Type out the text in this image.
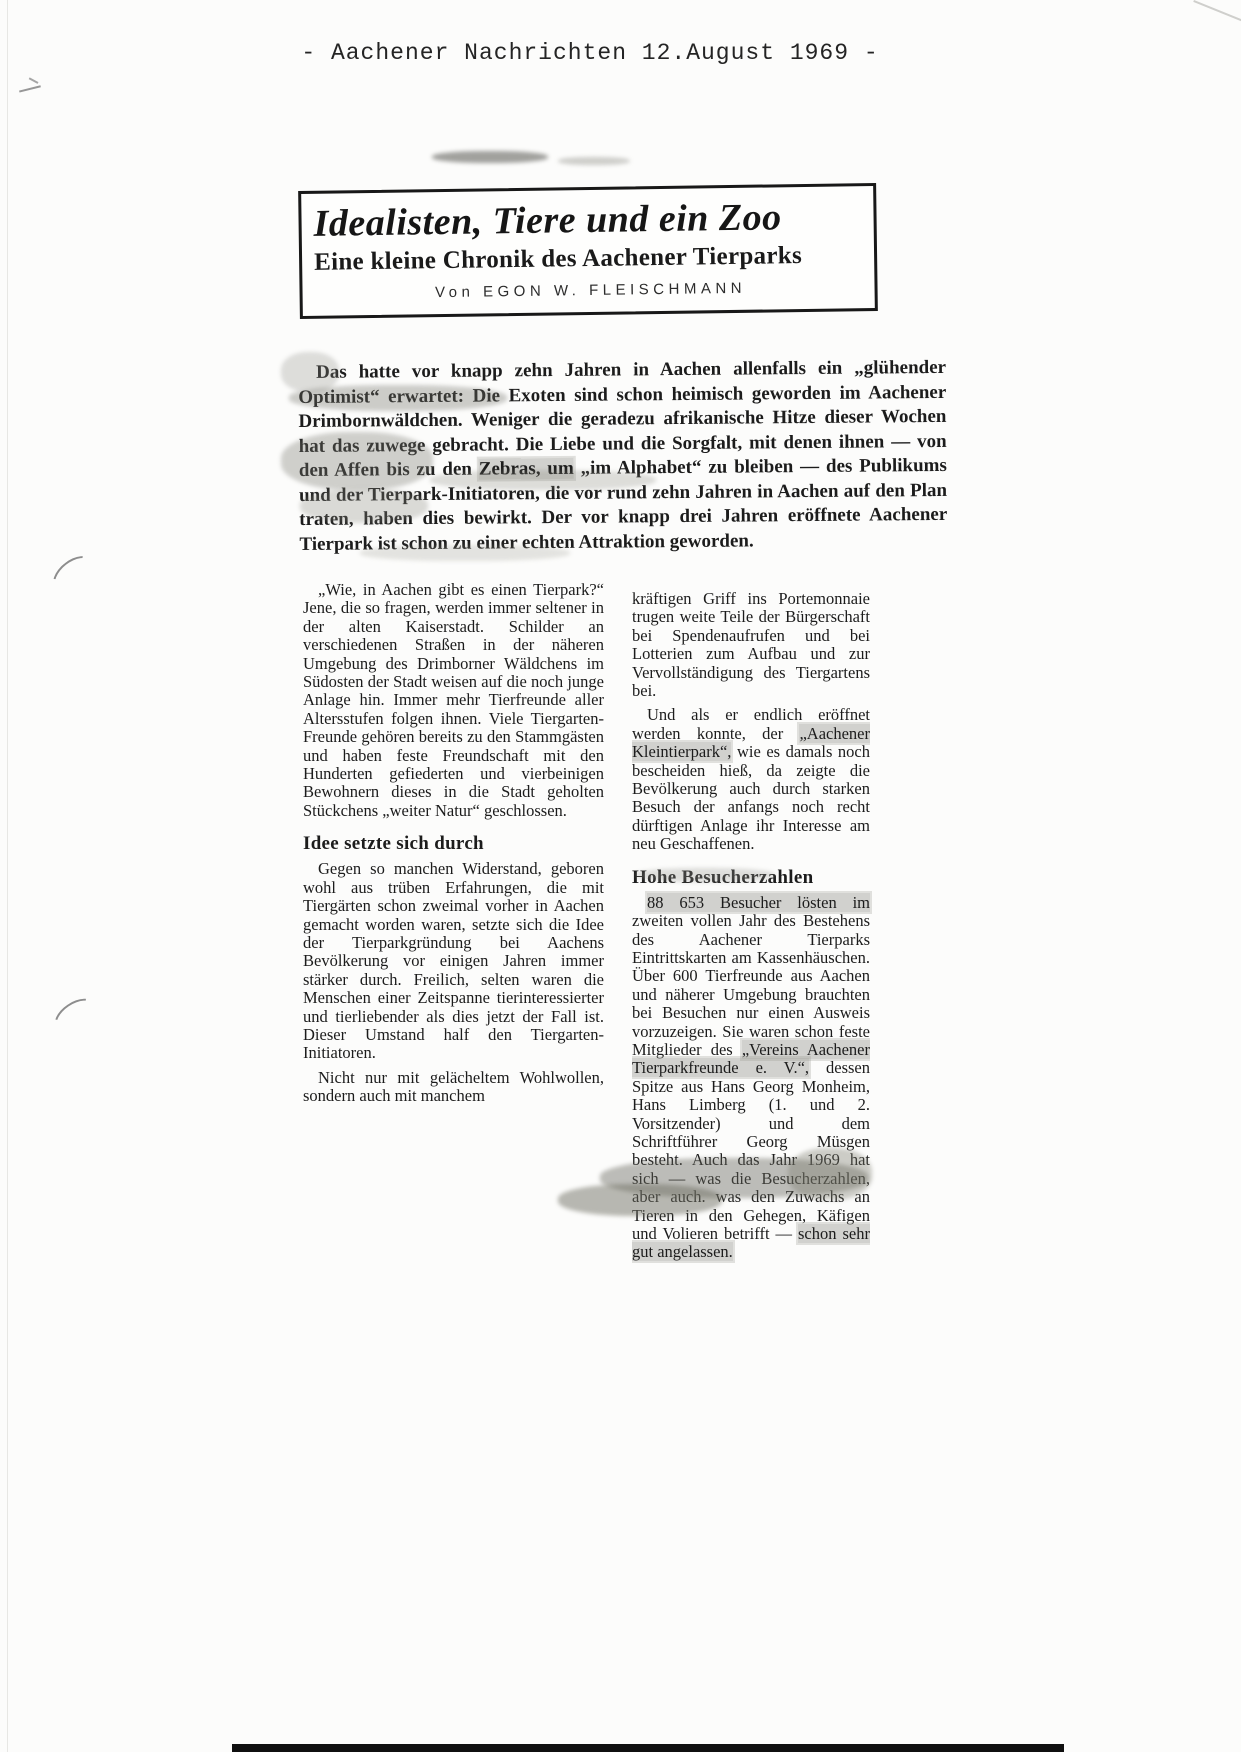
- Aachener Nachrichten 12.August 1969 -
Idealisten, Tiere und ein Zoo
Eine kleine Chronik des Aachener Tierparks
Von EGON W. FLEISCHMANN

Das hatte vor knapp zehn Jahren in Aachen allenfalls ein „glühender Optimist“ erwartet: Die Exoten sind schon heimisch geworden im Aachener Drimbornwäldchen. Weniger die geradezu afrikanische Hitze dieser Wochen hat das zuwege gebracht. Die Liebe und die Sorgfalt, mit denen ihnen — von den Affen bis zu den Zebras, um „im Alphabet“ zu bleiben — des Publikums und der Tierpark-Initiatoren, die vor rund zehn Jahren in Aachen auf den Plan traten, haben dies bewirkt. Der vor knapp drei Jahren eröffnete Aachener Tierpark ist schon zu einer echten Attraktion geworden.

„Wie, in Aachen gibt es einen Tierpark?“ Jene, die so fragen, werden immer seltener in der alten Kaiserstadt. Schilder an verschiedenen Straßen in der näheren Umgebung des Drimborner Wäldchens im Südosten der Stadt weisen auf die noch junge Anlage hin. Immer mehr Tierfreunde aller Altersstufen folgen ihnen. Viele Tiergarten-Freunde gehören bereits zu den Stammgästen und haben feste Freundschaft mit den Hunderten gefiederten und vierbeinigen Bewohnern dieses in die Stadt geholten Stückchens „weiter Natur“ geschlossen.

Idee setzte sich durch

Gegen so manchen Widerstand, geboren wohl aus trüben Erfahrungen, die mit Tiergärten schon zweimal vorher in Aachen gemacht worden waren, setzte sich die Idee der Tierparkgründung bei Aachens Bevölkerung vor einigen Jahren immer stärker durch. Freilich, selten waren die Menschen einer Zeitspanne tierinteressierter und tierliebender als dies jetzt der Fall ist. Dieser Umstand half den Tiergarten-Initiatoren.

Nicht nur mit gelächeltem Wohlwollen, sondern auch mit manchem

kräftigen Griff ins Portemonnaie trugen weite Teile der Bürgerschaft bei Spendenaufrufen und bei Lotterien zum Aufbau und zur Vervollständigung des Tiergartens bei.

Und als er endlich eröffnet werden konnte, der „Aachener Kleintierpark“, wie es damals noch bescheiden hieß, da zeigte die Bevölkerung auch durch starken Besuch der anfangs noch recht dürftigen Anlage ihr Interesse am neu Geschaffenen.

Hohe Besucherzahlen

88 653 Besucher lösten im zweiten vollen Jahr des Bestehens des Aachener Tierparks Eintrittskarten am Kassenhäuschen. Über 600 Tierfreunde aus Aachen und näherer Umgebung brauchten bei Besuchen nur einen Ausweis vorzuzeigen. Sie waren schon feste Mitglieder des „Vereins Aachener Tierparkfreunde e. V.“, dessen Spitze aus Hans Georg Monheim, Hans Limberg (1. und 2. Vorsitzender) und dem Schriftführer Georg Müsgen besteht. Auch das Jahr 1969 hat sich — was die Besucherzahlen, aber auch. was den Zuwachs an Tieren in den Gehegen, Käfigen und Volieren betrifft — schon sehr gut angelassen.
